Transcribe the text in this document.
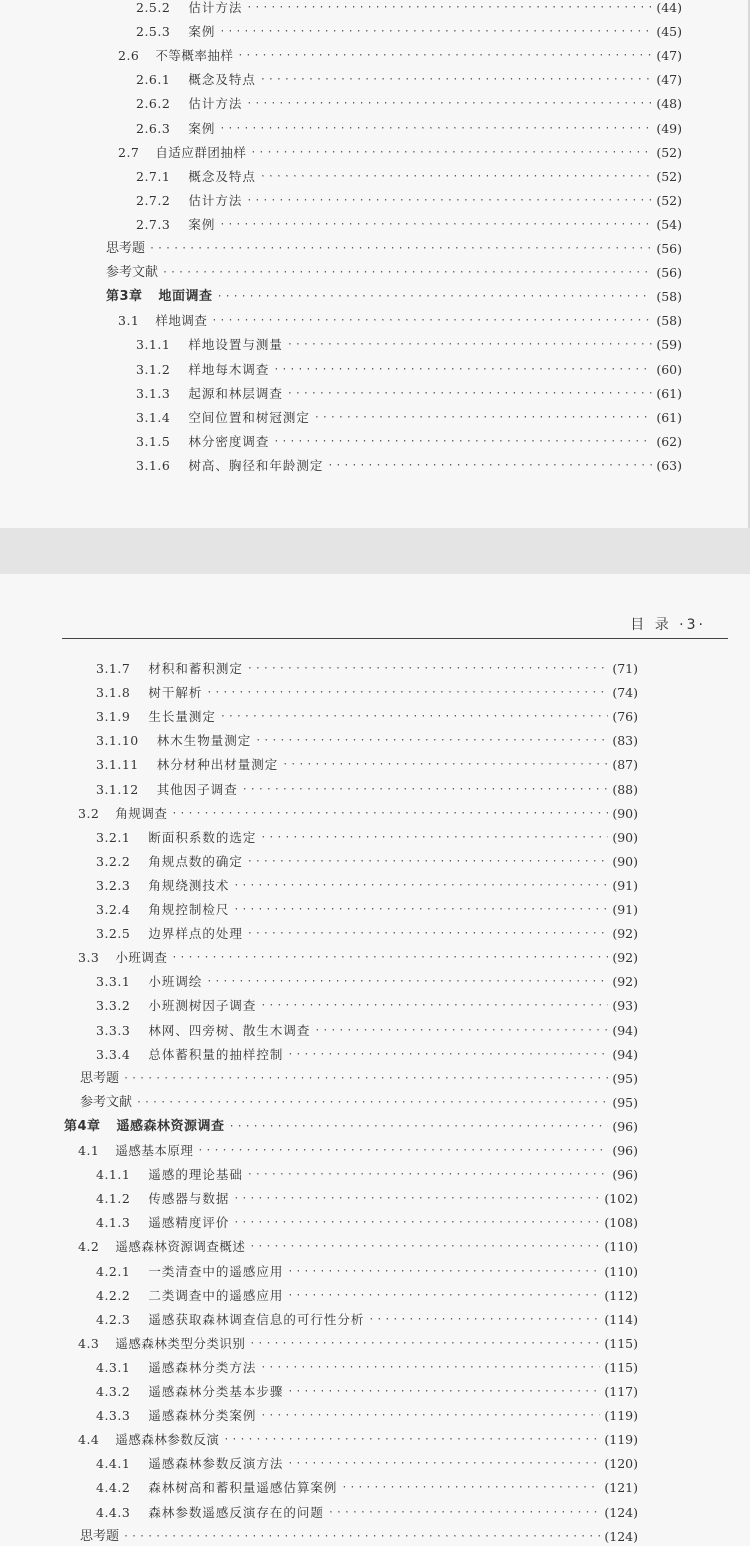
2.5.2 估计方法 ·····	(44)
2.5.3 案例 ·····	(45)
2.6 不等概率抽样 ·····	(47)
2.6.1 概念及特点 ·····	(47)
2.6.2 估计方法 ·····	(48)
2.6.3 案例 ·····	(49)
2.7 自适应群团抽样 ·····	(52)
2.7.1 概念及特点 ·····	(52)
2.7.2 估计方法 ·····	(52)
2.7.3 案例 ·····	(54)
思考题 ·····	(56)
参考文献 ·····	(56)
第3章 地面调查 ·····	(58)
3.1 样地调查 ·····	(58)
3.1.1 样地设置与测量 ·····	(59)
3.1.2 样地每木调查 ·····	(60)
3.1.3 起源和林层调查 ·····	(61)
3.1.4 空间位置和树冠测定 ·····	(61)
3.1.5 林分密度调查 ·····	(62)
3.1.6 树高、胸径和年龄测定 ·····	(63)
目 录 ·3·
3.1.7 材积和蓄积测定 ·····	(71)
3.1.8 树干解析 ·····	(74)
3.1.9 生长量测定 ·····	(76)
3.1.10 林木生物量测定 ·····	(83)
3.1.11 林分材种出材量测定 ·····	(87)
3.1.12 其他因子调查 ·····	(88)
3.2 角规调查 ·····	(90)
3.2.1 断面积系数的选定 ·····	(90)
3.2.2 角规点数的确定 ·····	(90)
3.2.3 角规绕测技术 ·····	(91)
3.2.4 角规控制检尺 ·····	(91)
3.2.5 边界样点的处理 ·····	(92)
3.3 小班调查 ·····	(92)
3.3.1 小班调绘 ·····	(92)
3.3.2 小班测树因子调查 ·····	(93)
3.3.3 林网、四旁树、散生木调查 ·····	(94)
3.3.4 总体蓄积量的抽样控制 ·····	(94)
思考题 ·····	(95)
参考文献 ·····	(95)
第4章 遥感森林资源调查 ·····	(96)
4.1 遥感基本原理 ·····	(96)
4.1.1 遥感的理论基础 ·····	(96)
4.1.2 传感器与数据 ·····	(102)
4.1.3 遥感精度评价 ·····	(108)
4.2 遥感森林资源调查概述 ·····	(110)
4.2.1 一类清查中的遥感应用 ·····	(110)
4.2.2 二类调查中的遥感应用 ·····	(112)
4.2.3 遥感获取森林调查信息的可行性分析 ·····	(114)
4.3 遥感森林类型分类识别 ·····	(115)
4.3.1 遥感森林分类方法 ·····	(115)
4.3.2 遥感森林分类基本步骤 ·····	(117)
4.3.3 遥感森林分类案例 ·····	(119)
4.4 遥感森林参数反演 ·····	(119)
4.4.1 遥感森林参数反演方法 ·····	(120)
4.4.2 森林树高和蓄积量遥感估算案例 ·····	(121)
4.4.3 森林参数遥感反演存在的问题 ·····	(124)
思考题 ·····	(124)
